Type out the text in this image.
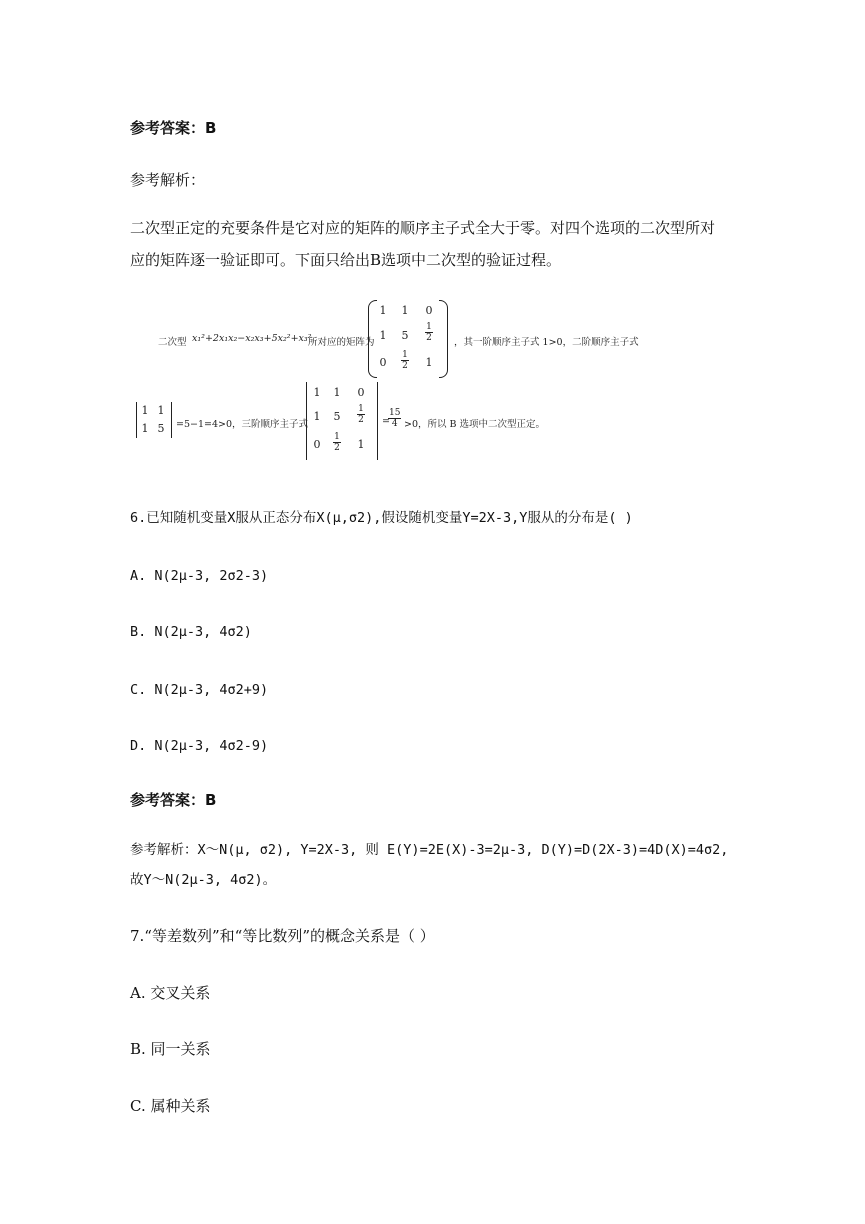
参考答案：B
参考解析：
二次型正定的充要条件是它对应的矩阵的顺序主子式全大于零。对四个选项的二次型所对
应的矩阵逐一验证即可。下面只给出B选项中二次型的验证过程。
二次型 x₁²+2x₁x₂−x₂x₃+5x₂²+x₃²
所对应的矩阵为
1	1	0
1	5	$\frac{1}{2}$
0	$\frac{1}{2}$	1
，其一阶顺序主子式 1>0，二阶顺序主子式
1 1
1 5	=5−1=4>0，三阶顺序主子式
1	1	0
1	5	$\frac{1}{2}$
0	$\frac{1}{2}$	1
=
$\frac{15}{4} >0$，所以 B 选项中二次型正定。
6.已知随机变量X服从正态分布X(μ,σ2),假设随机变量Y=2X-3,Y服从的分布是( )
A. N(2μ-3, 2σ2-3)
B. N(2μ-3, 4σ2)
C. N(2μ-3, 4σ2+9)
D. N(2μ-3, 4σ2-9)
参考答案：B
参考解析：X～N(μ, σ2), Y=2X-3, 则 E(Y)=2E(X)-3=2μ-3, D(Y)=D(2X-3)=4D(X)=4σ2,
故Y～N(2μ-3, 4σ2)。
7.“等差数列”和“等比数列”的概念关系是（ ）
A. 交叉关系
B. 同一关系
C. 属种关系
